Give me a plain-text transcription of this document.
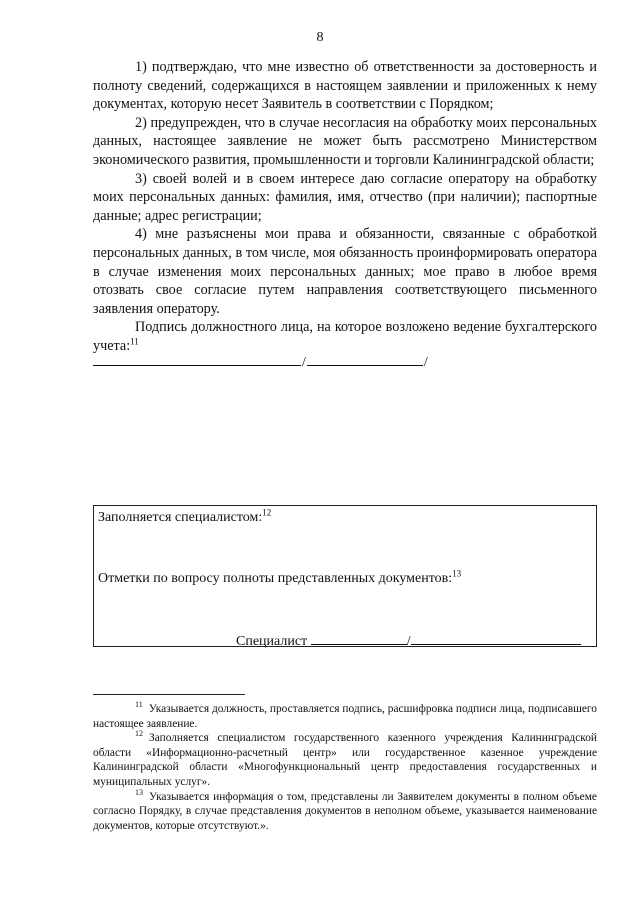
8

1) подтверждаю, что мне известно об ответственности за достоверность и полноту сведений, содержащихся в настоящем заявлении и приложенных к нему документах, которую несет Заявитель в соответствии с Порядком;

2) предупрежден, что в случае несогласия на обработку моих персональных данных, настоящее заявление не может быть рассмотрено Министерством экономического развития, промышленности и торговли Калининградской области;

3) своей волей и в своем интересе даю согласие оператору на обработку моих персональных данных: фамилия, имя, отчество (при наличии); паспортные данные; адрес регистрации;

4) мне разъяснены мои права и обязанности, связанные с обработкой персональных данных, в том числе, моя обязанность проинформировать оператора в случае изменения моих персональных данных; мое право в любое время отозвать свое согласие путем направления соответствующего письменного заявления оператору.

Подпись должностного лица, на которое возложено ведение бухгалтерского учета:$^{11}$

/	/
Заполняется специалистом:$^{12}$
Отметки по вопросу полноты представленных документов:$^{13}$
Специалист	/

$^{11}$ Указывается должность, проставляется подпись, расшифровка подписи лица, подписавшего настоящее заявление.

$^{12}$ Заполняется специалистом государственного казенного учреждения Калининградской области «Информационно-расчетный центр» или государственное казенное учреждение Калининградской области «Многофункциональный центр предоставления государственных и муниципальных услуг».

$^{13}$ Указывается информация о том, представлены ли Заявителем документы в полном объеме согласно Порядку, в случае представления документов в неполном объеме, указывается наименование документов, которые отсутствуют.».
